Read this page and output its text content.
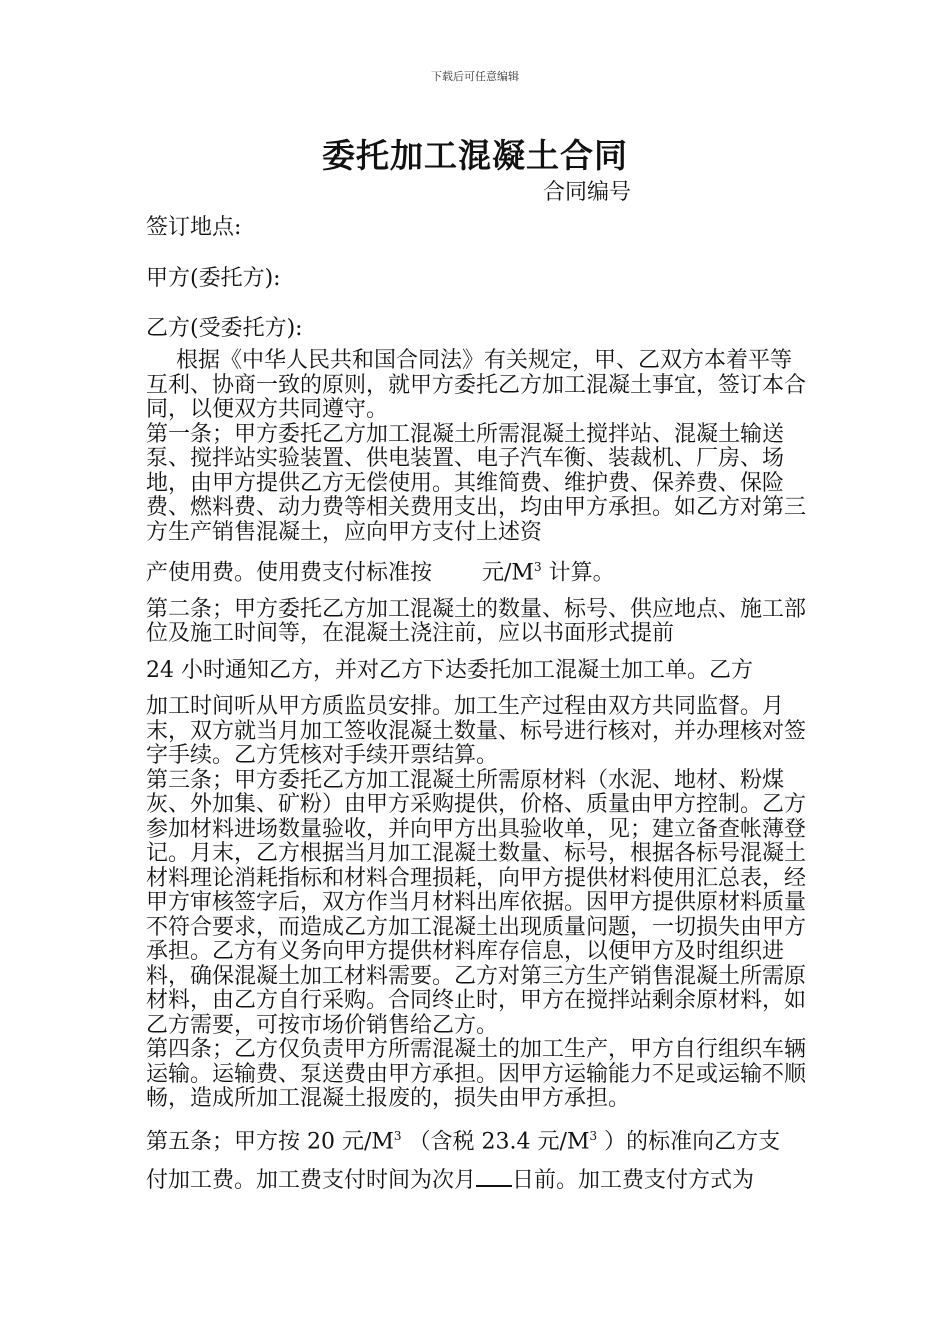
下载后可任意编辑
委托加工混凝土合同
合同编号
签订地点:
甲方(委托方):
乙方(受委托方):

根据《中华人民共和国合同法》有关规定，甲、乙双方本着平等互利、协商一致的原则，就甲方委托乙方加工混凝土事宜，签订本合同，以便双方共同遵守。

第一条；甲方委托乙方加工混凝土所需混凝土搅拌站、混凝土输送泵、搅拌站实验装置、供电装置、电子汽车衡、装裁机、厂房、场地，由甲方提供乙方无偿使用。其维简费、维护费、保养费、保险费、燃料费、动力费等相关费用支出，均由甲方承担。如乙方对第三方生产销售混凝土，应向甲方支付上述资

产使用费。使用费支付标准按 元$/M^3$ 计算。

第二条；甲方委托乙方加工混凝土的数量、标号、供应地点、施工部位及施工时间等，在混凝土浇注前，应以书面形式提前

24 小时通知乙方，并对乙方下达委托加工混凝土加工单。乙方

加工时间听从甲方质监员安排。加工生产过程由双方共同监督。月末，双方就当月加工签收混凝土数量、标号进行核对，并办理核对签字手续。乙方凭核对手续开票结算。

第三条；甲方委托乙方加工混凝土所需原材料（水泥、地材、粉煤灰、外加集、矿粉）由甲方采购提供，价格、质量由甲方控制。乙方参加材料进场数量验收，并向甲方出具验收单，见；建立备查帐薄登记。月末，乙方根据当月加工混凝土数量、标号，根据各标号混凝土材料理论消耗指标和材料合理损耗，向甲方提供材料使用汇总表，经甲方审核签字后，双方作当月材料出库依据。因甲方提供原材料质量不符合要求，而造成乙方加工混凝土出现质量问题，一切损失由甲方承担。乙方有义务向甲方提供材料库存信息，以便甲方及时组织进料，确保混凝土加工材料需要。乙方对第三方生产销售混凝土所需原材料，由乙方自行采购。合同终止时，甲方在搅拌站剩余原材料，如乙方需要，可按市场价销售给乙方。

第四条；乙方仅负责甲方所需混凝土的加工生产，甲方自行组织车辆运输。运输费、泵送费由甲方承担。因甲方运输能力不足或运输不顺畅，造成所加工混凝土报废的，损失由甲方承担。

第五条；甲方按 20 元$/M^3$ （含税 23.4 元$/M^3$ ）的标准向乙方支

付加工费。加工费支付时间为次月 日前。加工费支付方式为
